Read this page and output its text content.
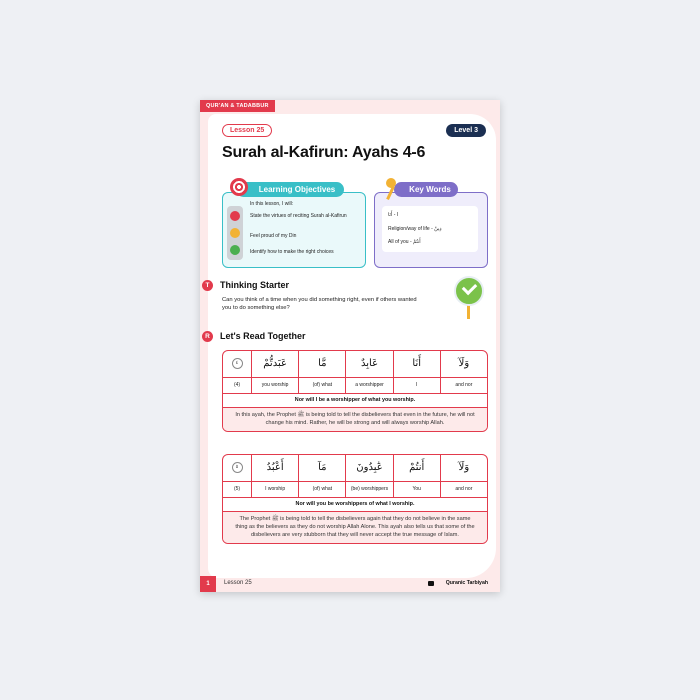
QUR'AN & TADABBUR
Lesson 25	Level 3
Surah al-Kafirun: Ayahs 4-6
Learning Objectives
In this lesson, I will:
State the virtues of reciting Surah al-Kafirun
Feel proud of my Din
Identify how to make the right choices
Key Words
أَنَا - I
Religion/way of life - دِينٌ
All of you - أَنتُمْ
T	Thinking Starter
Can you think of a time when you did something right, even if others wanted you to do something else?
R	Let's Read Together
٤	عَبَدتُّمْ	مَّا	عَابِدٌ	أَنَا	وَلَآ
(4)	you worship	(of) what	a worshipper	I	and nor
Nor will I be a worshipper of what you worship.
In this ayah, the Prophet ﷺ is being told to tell the disbelievers that even in the future, he will not change his mind. Rather, he will be strong and will always worship Allah.
٥	أَعْبُدُ	مَآ	عَٰبِدُونَ	أَنتُمْ	وَلَآ
(5)	I worship	(of) what	(be) worshippers	You	and nor
Nor will you be worshippers of what I worship.
The Prophet ﷺ is being told to tell the disbelievers again that they do not believe in the same thing as the believers as they do not worship Allah Alone. This ayah also tells us that some of the disbelievers are very stubborn that they will never accept the true message of Islam.
1	Lesson 25	Quranic Tarbiyah
